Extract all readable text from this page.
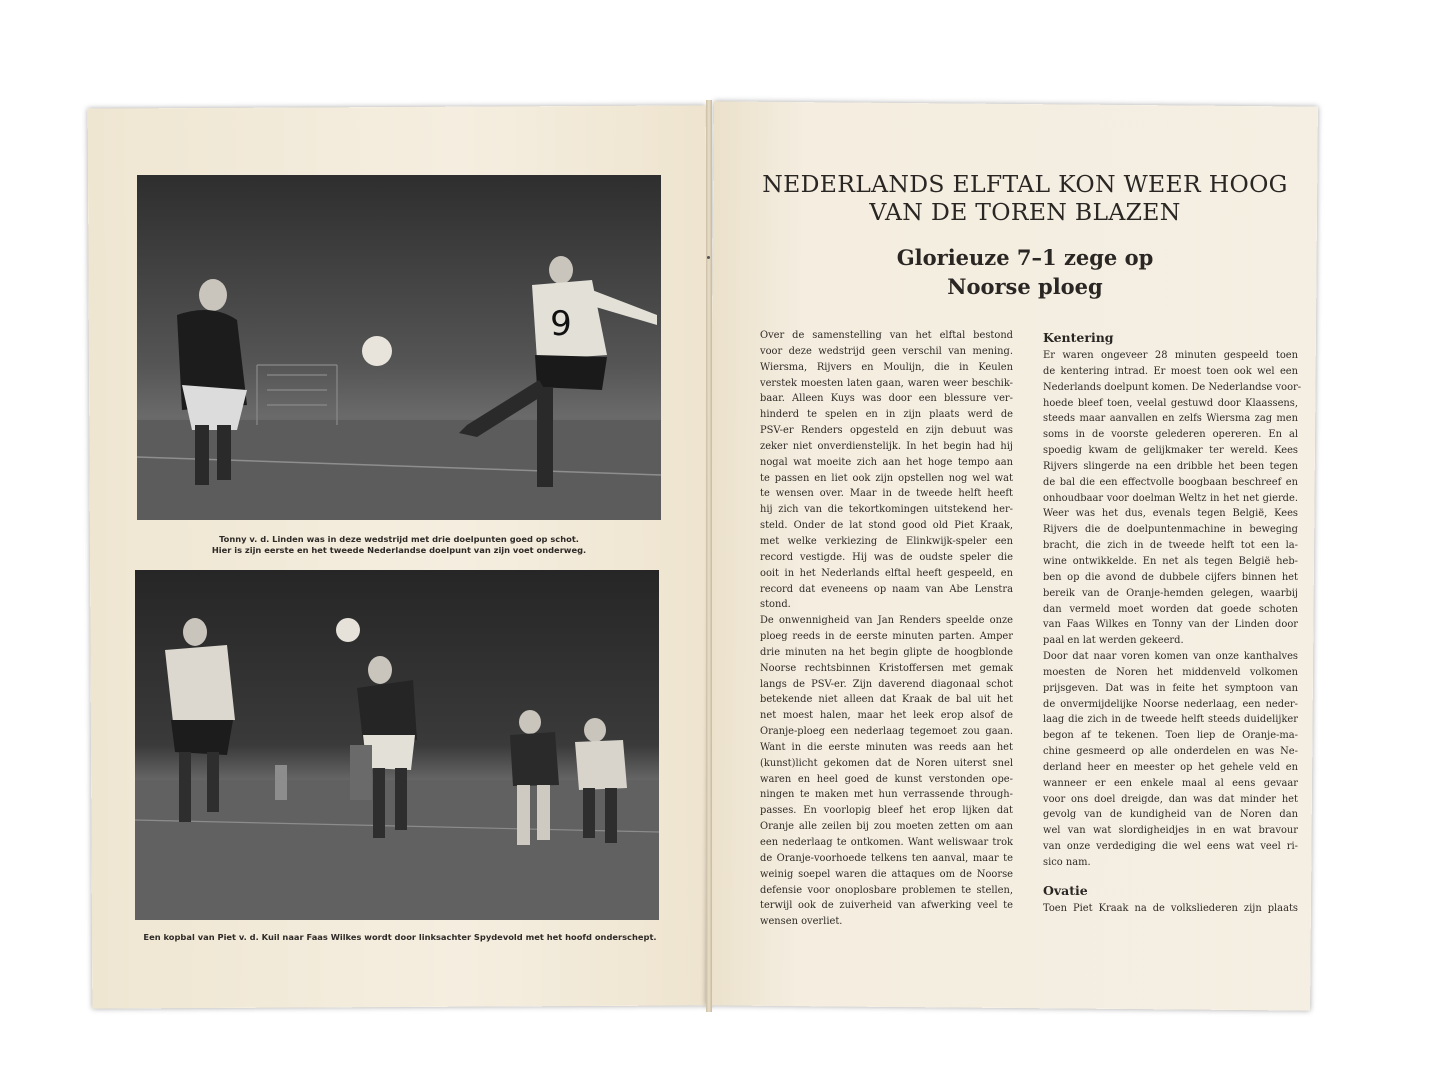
9
Tonny v. d. Linden was in deze wedstrijd met drie doelpunten goed op schot.
Hier is zijn eerste en het tweede Nederlandse doelpunt van zijn voet onderweg.
Een kopbal van Piet v. d. Kuil naar Faas Wilkes wordt door linksachter Spydevold met het hoofd onderschept.
NEDERLANDS ELFTAL KON WEER HOOG
VAN DE TOREN BLAZEN
Glorieuze 7–1 zege op
Noorse ploeg
Over de samenstelling van het elftal bestond
voor deze wedstrijd geen verschil van mening.
Wiersma, Rijvers en Moulijn, die in Keulen
verstek moesten laten gaan, waren weer beschik-
baar. Alleen Kuys was door een blessure ver-
hinderd te spelen en in zijn plaats werd de
PSV-er Renders opgesteld en zijn debuut was
zeker niet onverdienstelijk. In het begin had hij
nogal wat moeite zich aan het hoge tempo aan
te passen en liet ook zijn opstellen nog wel wat
te wensen over. Maar in de tweede helft heeft
hij zich van die tekortkomingen uitstekend her-
steld. Onder de lat stond good old Piet Kraak,
met welke verkiezing de Elinkwijk-speler een
record vestigde. Hij was de oudste speler die
ooit in het Nederlands elftal heeft gespeeld, en
record dat eveneens op naam van Abe Lenstra
stond.
De onwennigheid van Jan Renders speelde onze
ploeg reeds in de eerste minuten parten. Amper
drie minuten na het begin glipte de hoogblonde
Noorse rechtsbinnen Kristoffersen met gemak
langs de PSV-er. Zijn daverend diagonaal schot
betekende niet alleen dat Kraak de bal uit het
net moest halen, maar het leek erop alsof de
Oranje-ploeg een nederlaag tegemoet zou gaan.
Want in die eerste minuten was reeds aan het
(kunst)licht gekomen dat de Noren uiterst snel
waren en heel goed de kunst verstonden ope-
ningen te maken met hun verrassende through-
passes. En voorlopig bleef het erop lijken dat
Oranje alle zeilen bij zou moeten zetten om aan
een nederlaag te ontkomen. Want weliswaar trok
de Oranje-voorhoede telkens ten aanval, maar te
weinig soepel waren die attaques om de Noorse
defensie voor onoplosbare problemen te stellen,
terwijl ook de zuiverheid van afwerking veel te
wensen overliet.
Kentering
Er waren ongeveer 28 minuten gespeeld toen
de kentering intrad. Er moest toen ook wel een
Nederlands doelpunt komen. De Nederlandse voor-
hoede bleef toen, veelal gestuwd door Klaassens,
steeds maar aanvallen en zelfs Wiersma zag men
soms in de voorste gelederen opereren. En al
spoedig kwam de gelijkmaker ter wereld. Kees
Rijvers slingerde na een dribble het been tegen
de bal die een effectvolle boogbaan beschreef en
onhoudbaar voor doelman Weltz in het net gierde.
Weer was het dus, evenals tegen België, Kees
Rijvers die de doelpuntenmachine in beweging
bracht, die zich in de tweede helft tot een la-
wine ontwikkelde. En net als tegen België heb-
ben op die avond de dubbele cijfers binnen het
bereik van de Oranje-hemden gelegen, waarbij
dan vermeld moet worden dat goede schoten
van Faas Wilkes en Tonny van der Linden door
paal en lat werden gekeerd.
Door dat naar voren komen van onze kanthalves
moesten de Noren het middenveld volkomen
prijsgeven. Dat was in feite het symptoon van
de onvermijdelijke Noorse nederlaag, een neder-
laag die zich in de tweede helft steeds duidelijker
begon af te tekenen. Toen liep de Oranje-ma-
chine gesmeerd op alle onderdelen en was Ne-
derland heer en meester op het gehele veld en
wanneer er een enkele maal al eens gevaar
voor ons doel dreigde, dan was dat minder het
gevolg van de kundigheid van de Noren dan
wel van wat slordigheidjes in en wat bravour
van onze verdediging die wel eens wat veel ri-
sico nam.
Ovatie
Toen Piet Kraak na de volksliederen zijn plaats
